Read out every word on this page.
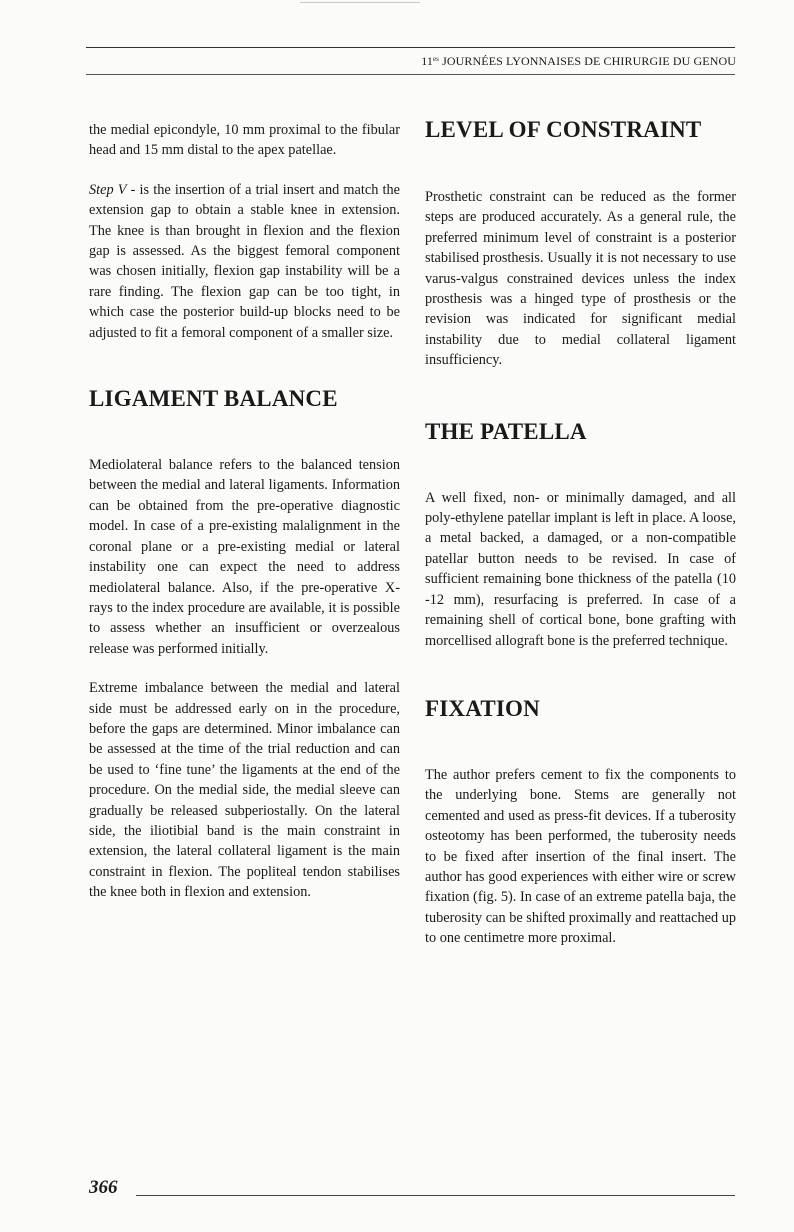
$11^{es}$ JOURNÉES LYONNAISES DE CHIRURGIE DU GENOU

the medial epicondyle, 10 mm proximal to the fibular head and 15 mm distal to the apex patellae.

Step V - is the insertion of a trial insert and match the extension gap to obtain a stable knee in extension. The knee is than brought in flexion and the flexion gap is assessed. As the biggest femoral component was chosen initially, flexion gap instability will be a rare finding. The flexion gap can be too tight, in which case the posterior build-up blocks need to be adjusted to fit a femoral component of a smaller size.

LIGAMENT BALANCE

Mediolateral balance refers to the balanced tension between the medial and lateral ligaments. Information can be obtained from the pre-operative diagnostic model. In case of a pre-existing malalignment in the coronal plane or a pre-existing medial or lateral instability one can expect the need to address mediolateral balance. Also, if the pre-operative X-rays to the index procedure are available, it is possible to assess whether an insufficient or overzealous release was performed initially.

Extreme imbalance between the medial and lateral side must be addressed early on in the procedure, before the gaps are determined. Minor imbalance can be assessed at the time of the trial reduction and can be used to ‘fine tune’ the ligaments at the end of the procedure. On the medial side, the medial sleeve can gradually be released subperiostally. On the lateral side, the iliotibial band is the main constraint in extension, the lateral collateral ligament is the main constraint in flexion. The popliteal tendon stabilises the knee both in flexion and extension.

LEVEL OF CONSTRAINT

Prosthetic constraint can be reduced as the former steps are produced accurately. As a general rule, the preferred minimum level of constraint is a posterior stabilised prosthesis. Usually it is not necessary to use varus-valgus constrained devices unless the index prosthesis was a hinged type of prosthesis or the revision was indicated for significant medial instability due to medial collateral ligament insufficiency.

THE PATELLA

A well fixed, non- or minimally damaged, and all poly-ethylene patellar implant is left in place. A loose, a metal backed, a damaged, or a non-compatible patellar button needs to be revised. In case of sufficient remaining bone thickness of the patella (10 -12 mm), resurfacing is preferred. In case of a remaining shell of cortical bone, bone grafting with morcellised allograft bone is the preferred technique.

FIXATION

The author prefers cement to fix the components to the underlying bone. Stems are generally not cemented and used as press-fit devices. If a tuberosity osteotomy has been performed, the tuberosity needs to be fixed after insertion of the final insert. The author has good experiences with either wire or screw fixation (fig. 5). In case of an extreme patella baja, the tuberosity can be shifted proximally and reattached up to one centimetre more proximal.

366
